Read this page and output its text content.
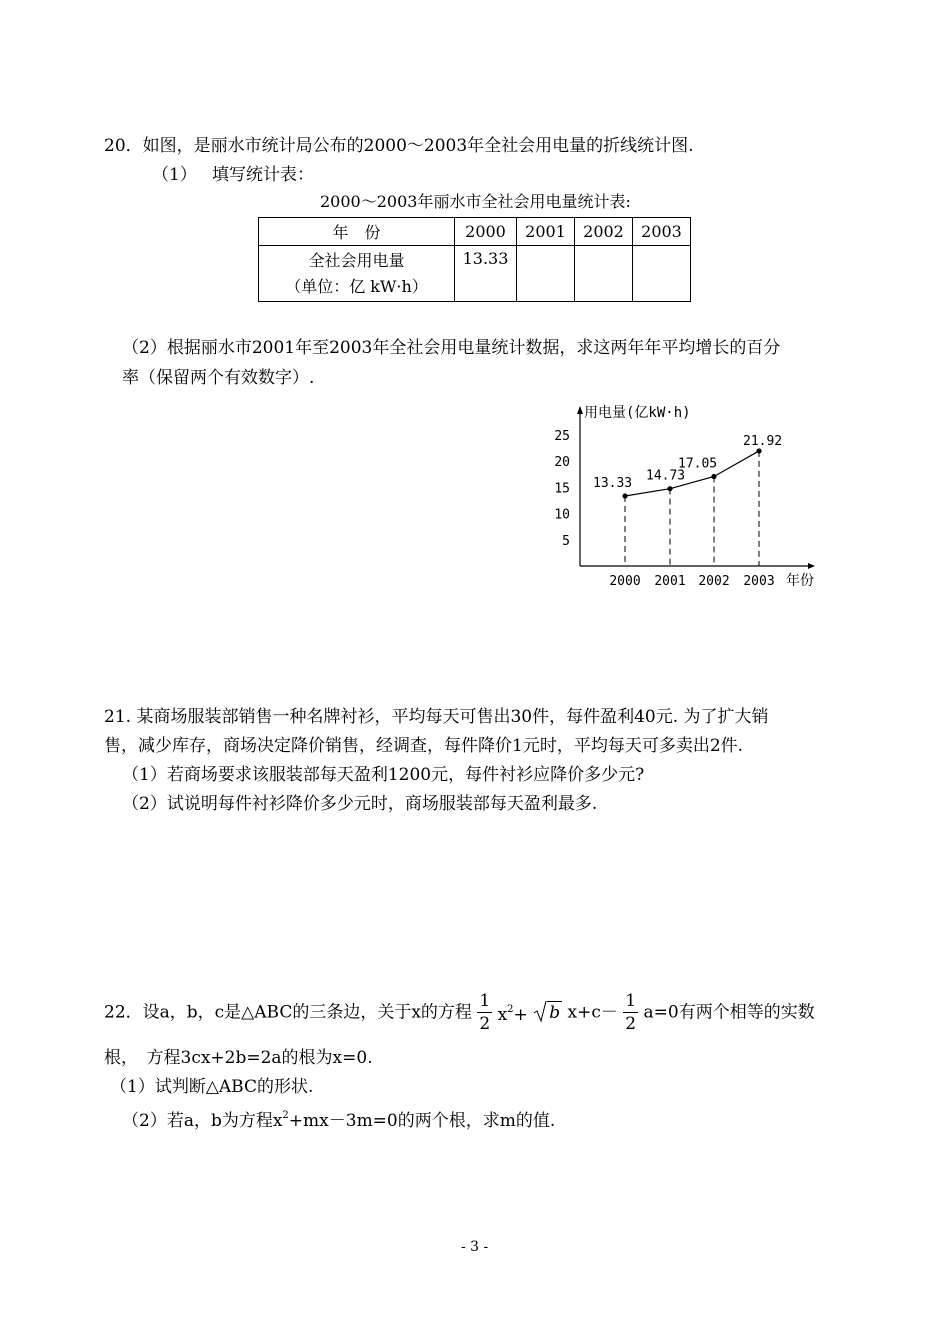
20．如图，是丽水市统计局公布的2000～2003年全社会用电量的折线统计图.
（1） 填写统计表：
2000～2003年丽水市全社会用电量统计表:
年　份	2000	2001	2002	2003

全社会用电量
（单位：亿 kW·h）	13.33			
（2）根据丽水市2001年至2003年全社会用电量统计数据，求这两年年平均增长的百分
率（保留两个有效数字）.
用电量(亿kW·h)
年份
5
10
15
20
25
2000 2001 2002 2003
13.33 14.73
17.05
21.92
21. 某商场服装部销售一种名牌衬衫，平均每天可售出30件，每件盈利40元. 为了扩大销
售，减少库存，商场决定降价销售，经调查，每件降价1元时，平均每天可多卖出2件.
（1）若商场要求该服装部每天盈利1200元，每件衬衫应降价多少元?
（2）试说明每件衬衫降价多少元时，商场服装部每天盈利最多.
22．设a，b，c是△ABC的三条边，关于x的方程 $\frac{1}{2} x^2+ b$ $x+c- \frac{1}{2} a=0$有两个相等的实数
根，　方程3cx+2b=2a的根为x=0.
（1）试判断△ABC的形状.
（2）若a，b为方程$x^2+mx-3m=0$的两个根，求m的值.
- 3 -
